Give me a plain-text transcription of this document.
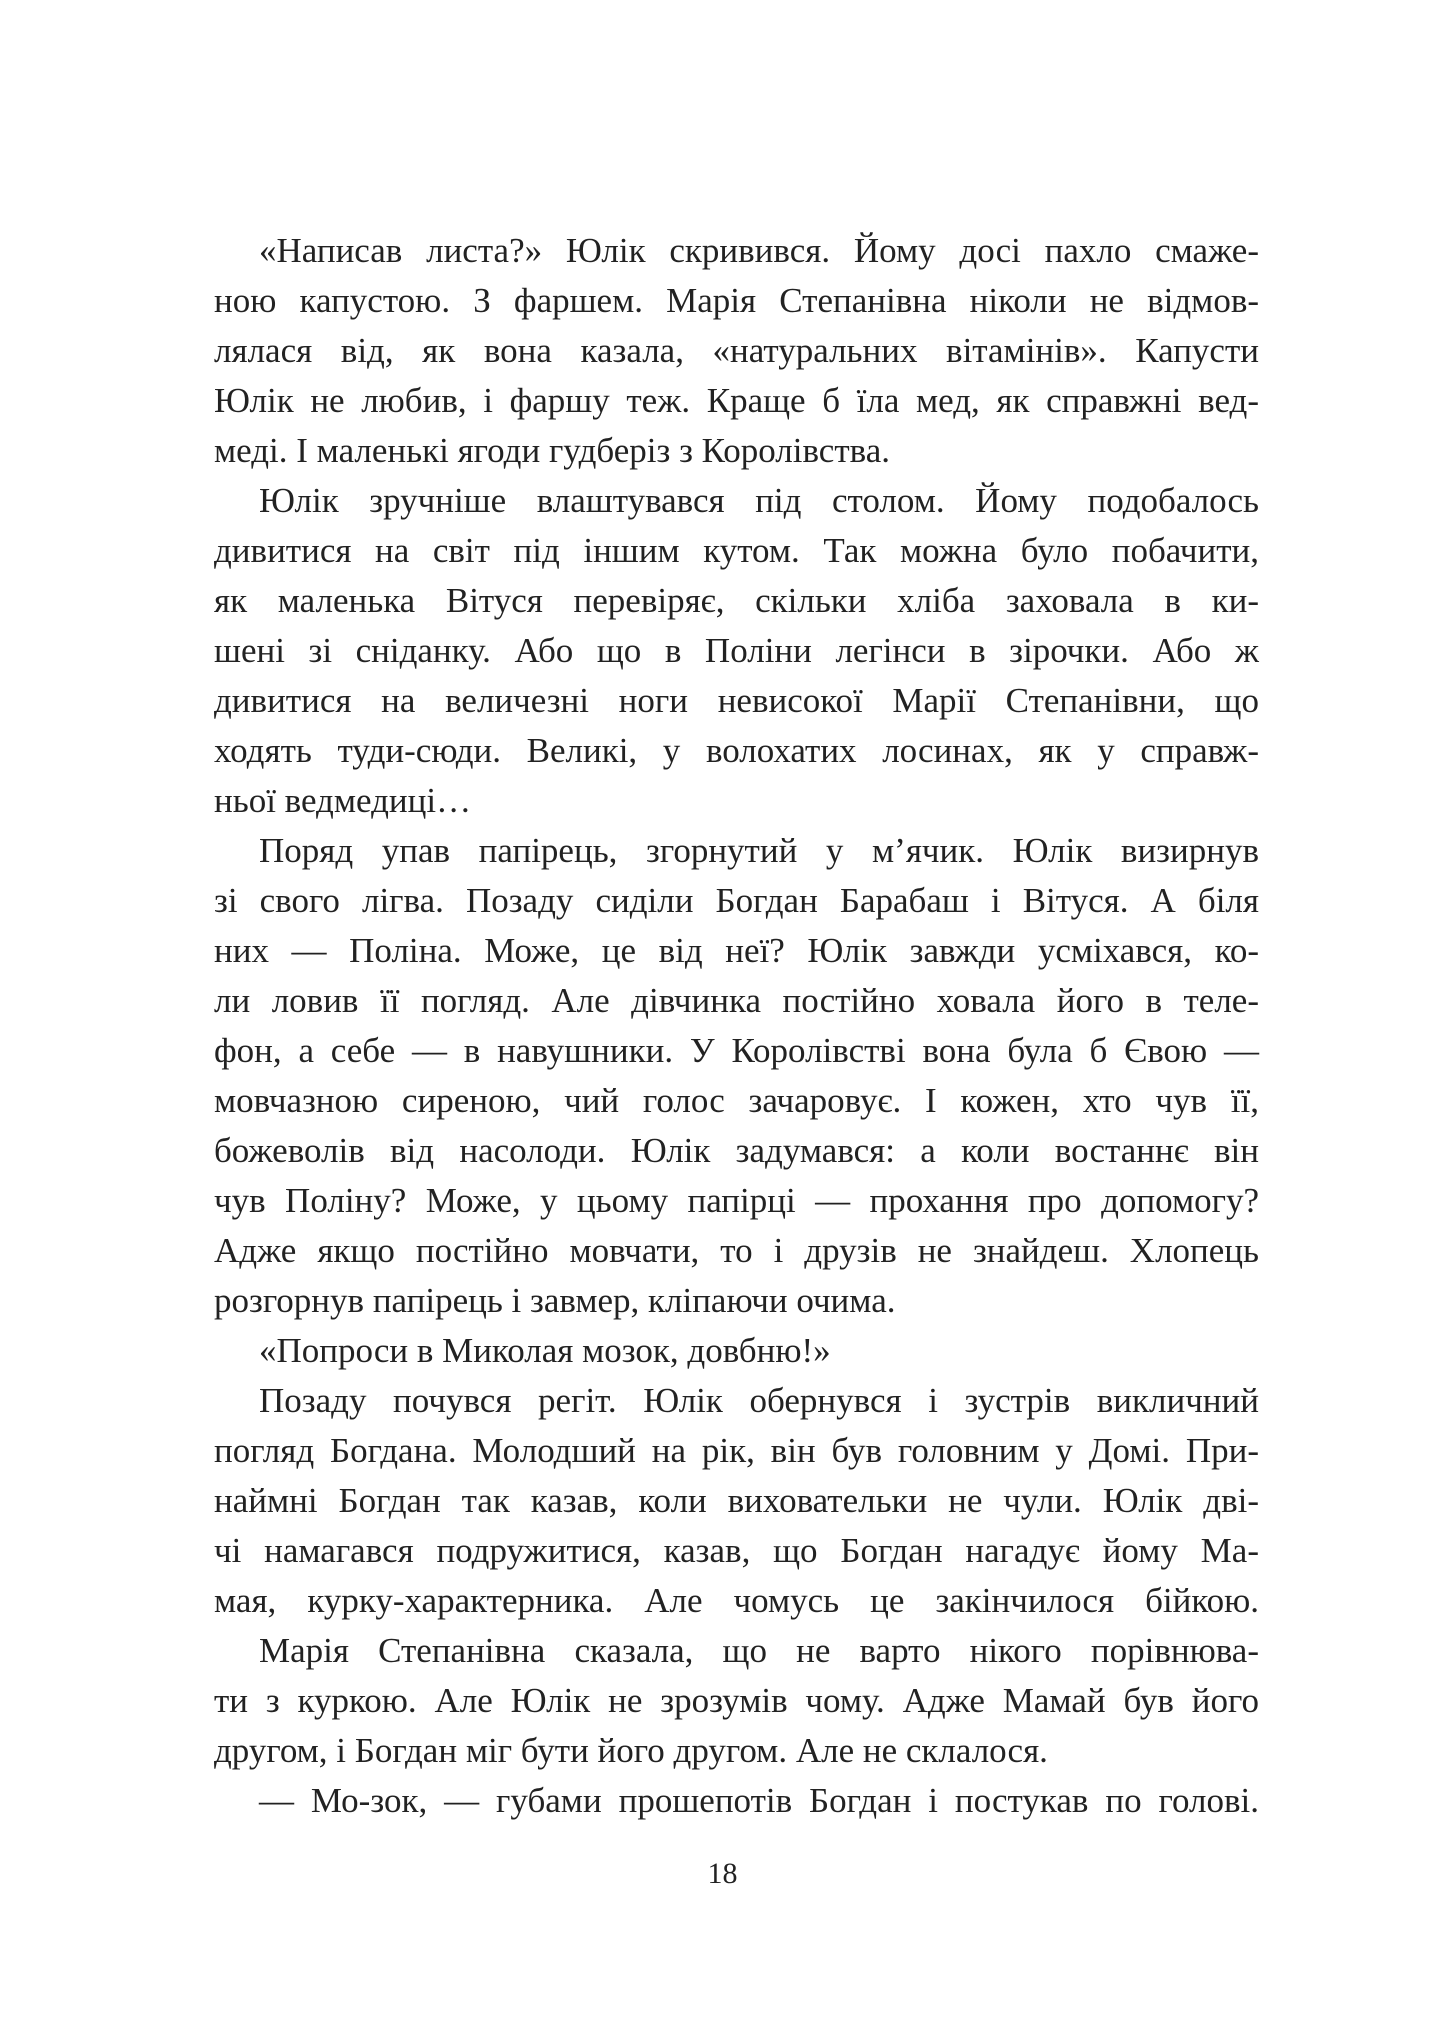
«Написав листа?» Юлік скривився. Йому досі пахло смаже-
ною капустою. З фаршем. Марія Степанівна ніколи не відмов-
лялася від, як вона казала, «натуральних вітамінів». Капусти
Юлік не любив, і фаршу теж. Краще б їла мед, як справжні вед-
меді. І маленькі ягоди гудберіз з Королівства.
Юлік зручніше влаштувався під столом. Йому подобалось
дивитися на світ під іншим кутом. Так можна було побачити,
як маленька Вітуся перевіряє, скільки хліба заховала в ки-
шені зі сніданку. Або що в Поліни легінси в зірочки. Або ж
дивитися на величезні ноги невисокої Марії Степанівни, що
ходять туди-сюди. Великі, у волохатих лосинах, як у справж-
ньої ведмедиці…
Поряд упав папірець, згорнутий у м’ячик. Юлік визирнув
зі свого лігва. Позаду сиділи Богдан Барабаш і Вітуся. А біля
них — Поліна. Може, це від неї? Юлік завжди усміхався, ко-
ли ловив її погляд. Але дівчинка постійно ховала його в теле-
фон, а себе — в навушники. У Королівстві вона була б Євою —
мовчазною сиреною, чий голос зачаровує. І кожен, хто чув її,
божеволів від насолоди. Юлік задумався: а коли востаннє він
чув Поліну? Може, у цьому папірці — прохання про допомогу?
Адже якщо постійно мовчати, то і друзів не знайдеш. Хлопець
розгорнув папірець і завмер, кліпаючи очима.
«Попроси в Миколая мозок, довбню!»
Позаду почувся регіт. Юлік обернувся і зустрів викличний
погляд Богдана. Молодший на рік, він був головним у Домі. При-
наймні Богдан так казав, коли виховательки не чули. Юлік дві-
чі намагався подружитися, казав, що Богдан нагадує йому Ма-
мая, курку-характерника. Але чомусь це закінчилося бійкою.
Марія Степанівна сказала, що не варто нікого порівнюва-
ти з куркою. Але Юлік не зрозумів чому. Адже Мамай був його
другом, і Богдан міг бути його другом. Але не склалося.
— Мо-зок, — губами прошепотів Богдан і постукав по голові.
18
